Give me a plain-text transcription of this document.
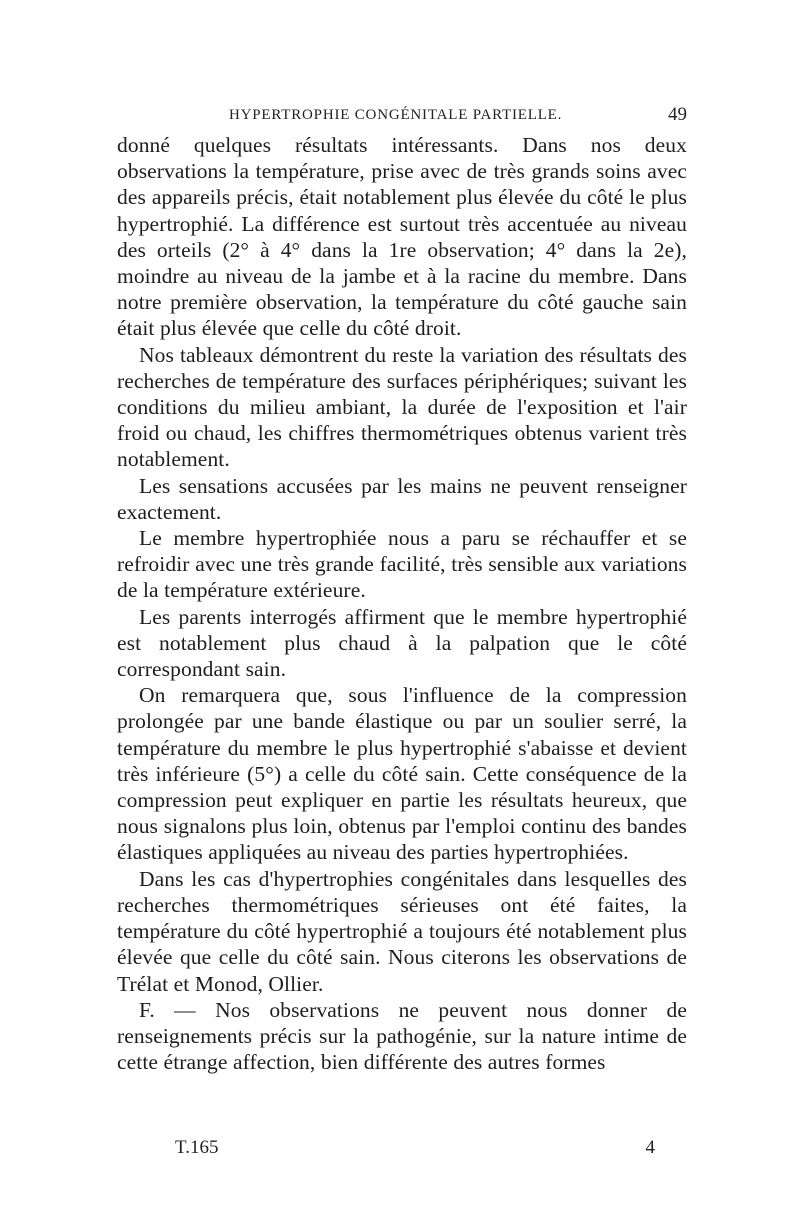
HYPERTROPHIE CONGÉNITALE PARTIELLE.	49

donné quelques résultats intéressants. Dans nos deux observations la température, prise avec de très grands soins avec des appareils précis, était notablement plus élevée du côté le plus hypertrophié. La différence est surtout très accentuée au niveau des orteils (2° à 4° dans la 1re observation; 4° dans la 2e), moindre au niveau de la jambe et à la racine du membre. Dans notre première observation, la température du côté gauche sain était plus élevée que celle du côté droit.

Nos tableaux démontrent du reste la variation des résultats des recherches de température des surfaces périphériques; suivant les conditions du milieu ambiant, la durée de l'exposition et l'air froid ou chaud, les chiffres thermométriques obtenus varient très notablement.

Les sensations accusées par les mains ne peuvent renseigner exactement.

Le membre hypertrophiée nous a paru se réchauffer et se refroidir avec une très grande facilité, très sensible aux variations de la température extérieure.

Les parents interrogés affirment que le membre hypertrophié est notablement plus chaud à la palpation que le côté correspondant sain.

On remarquera que, sous l'influence de la compression prolongée par une bande élastique ou par un soulier serré, la température du membre le plus hypertrophié s'abaisse et devient très inférieure (5°) a celle du côté sain. Cette conséquence de la compression peut expliquer en partie les résultats heureux, que nous signalons plus loin, obtenus par l'emploi continu des bandes élastiques appliquées au niveau des parties hypertrophiées.

Dans les cas d'hypertrophies congénitales dans lesquelles des recherches thermométriques sérieuses ont été faites, la température du côté hypertrophié a toujours été notablement plus élevée que celle du côté sain. Nous citerons les observations de Trélat et Monod, Ollier.

F. — Nos observations ne peuvent nous donner de renseignements précis sur la pathogénie, sur la nature intime de cette étrange affection, bien différente des autres formes

T.165	4
